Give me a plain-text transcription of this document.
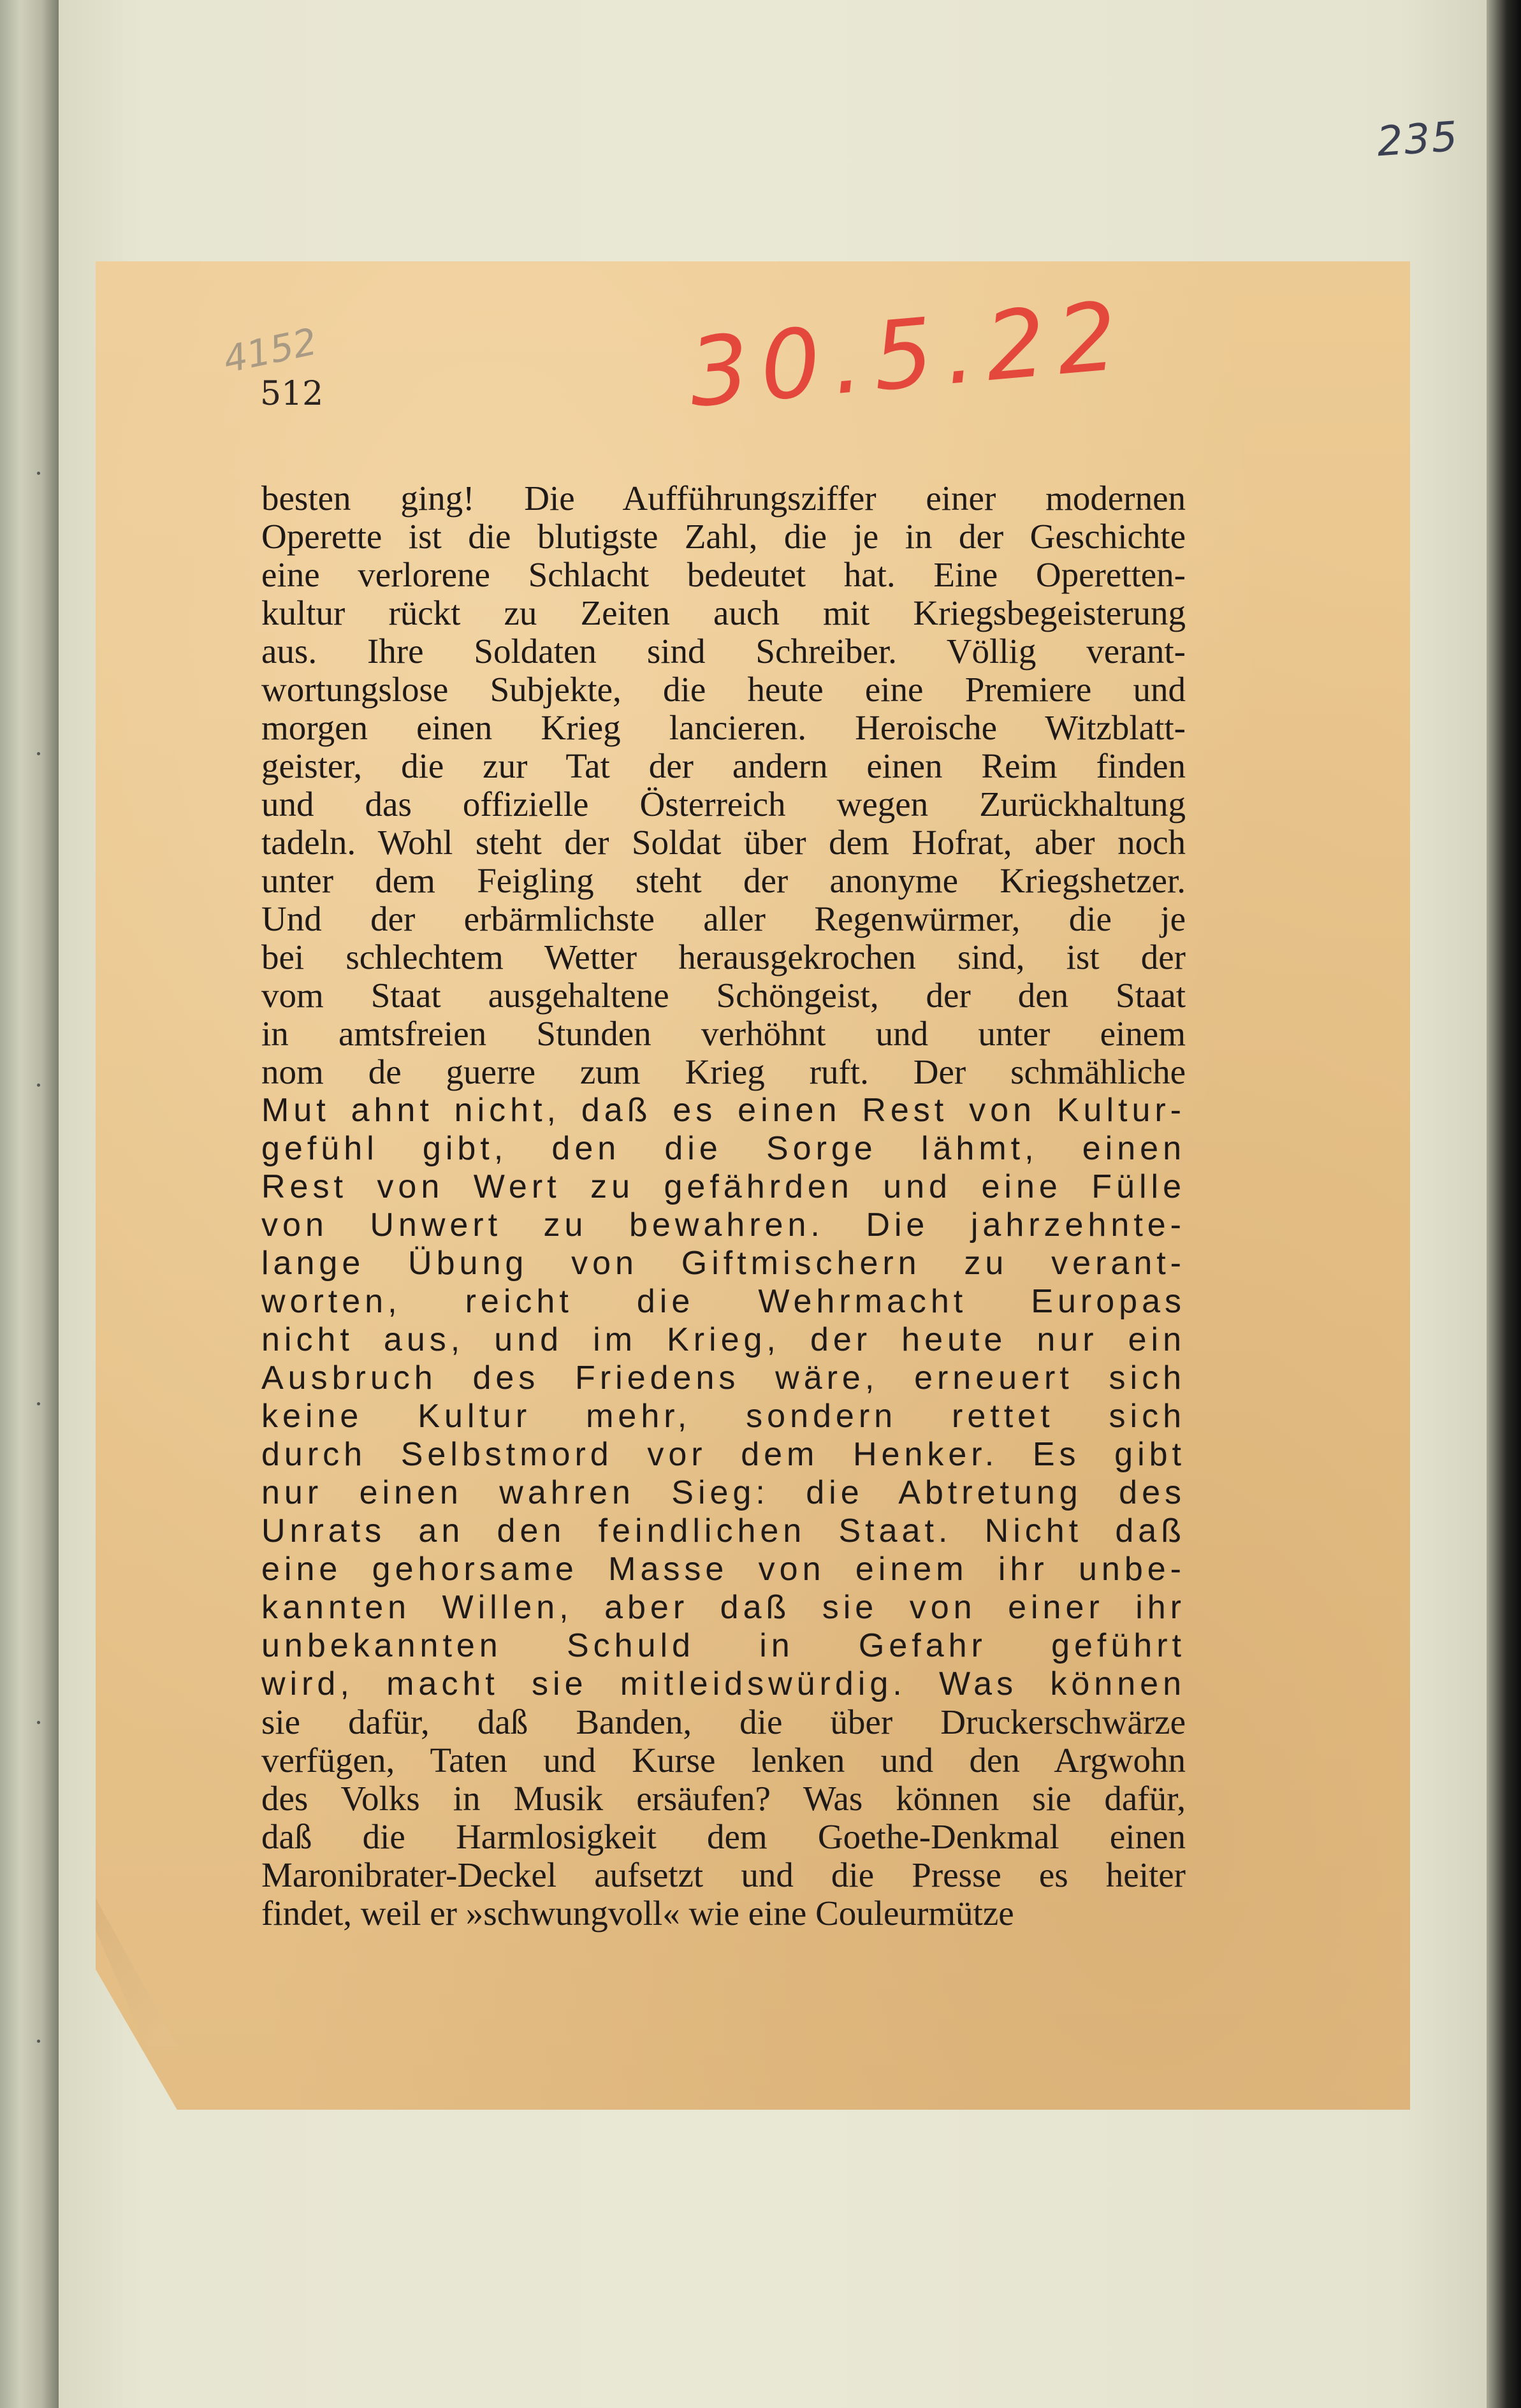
235
4152
512	30.5.22
besten ging! Die Aufführungsziffer einer modernen
Operette ist die blutigste Zahl, die je in der Geschichte
eine verlorene Schlacht bedeutet hat. Eine Operetten-
kultur rückt zu Zeiten auch mit Kriegsbegeisterung
aus. Ihre Soldaten sind Schreiber. Völlig verant-
wortungslose Subjekte, die heute eine Premiere und
morgen einen Krieg lancieren. Heroische Witzblatt-
geister, die zur Tat der andern einen Reim finden
und das offizielle Österreich wegen Zurückhaltung
tadeln. Wohl steht der Soldat über dem Hofrat, aber noch
unter dem Feigling steht der anonyme Kriegshetzer.
Und der erbärmlichste aller Regenwürmer, die je
bei schlechtem Wetter herausgekrochen sind, ist der
vom Staat ausgehaltene Schöngeist, der den Staat
in amtsfreien Stunden verhöhnt und unter einem
nom de guerre zum Krieg ruft. Der schmähliche
Mut ahnt nicht, daß es einen Rest von Kultur-
gefühl gibt, den die Sorge lähmt, einen
Rest von Wert zu gefährden und eine Fülle
von Unwert zu bewahren. Die jahrzehnte-
lange Übung von Giftmischern zu verant-
worten, reicht die Wehrmacht Europas
nicht aus, und im Krieg, der heute nur ein
Ausbruch des Friedens wäre, erneuert sich
keine Kultur mehr, sondern rettet sich
durch Selbstmord vor dem Henker. Es gibt
nur einen wahren Sieg: die Abtretung des
Unrats an den feindlichen Staat. Nicht daß
eine gehorsame Masse von einem ihr unbe-
kannten Willen, aber daß sie von einer ihr
unbekannten Schuld in Gefahr geführt
wird, macht sie mitleidswürdig. Was können
sie dafür, daß Banden, die über Druckerschwärze
verfügen, Taten und Kurse lenken und den Argwohn
des Volks in Musik ersäufen? Was können sie dafür,
daß die Harmlosigkeit dem Goethe-Denkmal einen
Maronibrater-Deckel aufsetzt und die Presse es heiter
findet, weil er »schwungvoll« wie eine Couleurmütze
